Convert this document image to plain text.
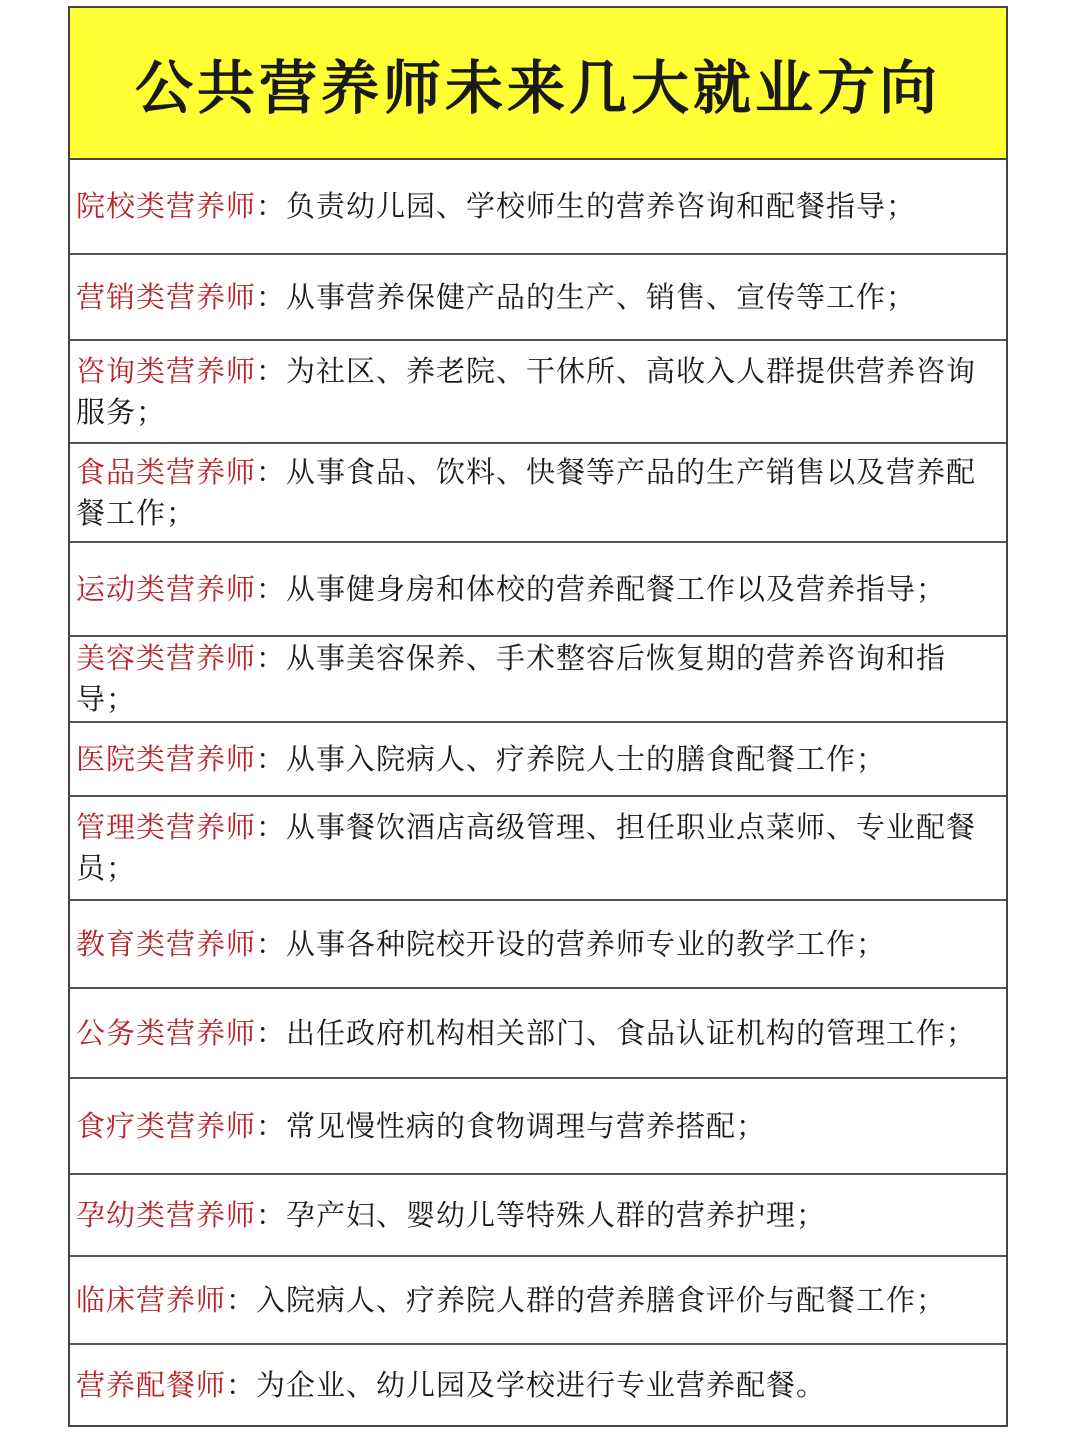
公共营养师未来几大就业方向

院校类营养师：负责幼儿园、学校师生的营养咨询和配餐指导；

营销类营养师：从事营养保健产品的生产、销售、宣传等工作；

咨询类营养师：为社区、养老院、干休所、高收入人群提供营养咨询服务；

食品类营养师：从事食品、饮料、快餐等产品的生产销售以及营养配餐工作；

运动类营养师：从事健身房和体校的营养配餐工作以及营养指导；

美容类营养师：从事美容保养、手术整容后恢复期的营养咨询和指导；

医院类营养师：从事入院病人、疗养院人士的膳食配餐工作；

管理类营养师：从事餐饮酒店高级管理、担任职业点菜师、专业配餐员；

教育类营养师：从事各种院校开设的营养师专业的教学工作；

公务类营养师：出任政府机构相关部门、食品认证机构的管理工作；

食疗类营养师：常见慢性病的食物调理与营养搭配；

孕幼类营养师：孕产妇、婴幼儿等特殊人群的营养护理；

临床营养师：入院病人、疗养院人群的营养膳食评价与配餐工作；

营养配餐师：为企业、幼儿园及学校进行专业营养配餐。
